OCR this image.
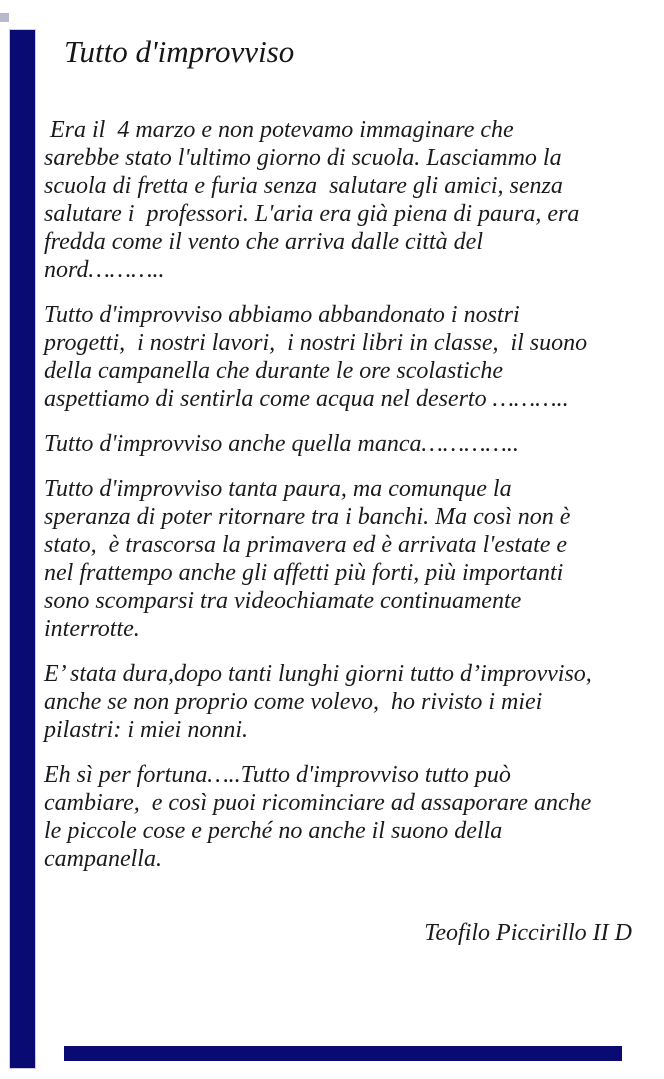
Tutto d'improvviso
Era il  4 marzo e non potevamo immaginare che
sarebbe stato l'ultimo giorno di scuola. Lasciammo la
scuola di fretta e furia senza  salutare gli amici, senza
salutare i  professori. L'aria era già piena di paura, era
fredda come il vento che arriva dalle città del
nord………..
Tutto d'improvviso abbiamo abbandonato i nostri
progetti,  i nostri lavori,  i nostri libri in classe,  il suono
della campanella che durante le ore scolastiche
aspettiamo di sentirla come acqua nel deserto ………..
Tutto d'improvviso anche quella manca…………..
Tutto d'improvviso tanta paura, ma comunque la
speranza di poter ritornare tra i banchi. Ma così non è
stato,  è trascorsa la primavera ed è arrivata l'estate e
nel frattempo anche gli affetti più forti, più importanti
sono scomparsi tra videochiamate continuamente
interrotte.
E’ stata dura,dopo tanti lunghi giorni tutto d’improvviso,
anche se non proprio come volevo,  ho rivisto i miei
pilastri: i miei nonni.
Eh sì per fortuna…..Tutto d'improvviso tutto può
cambiare,  e così puoi ricominciare ad assaporare anche
le piccole cose e perché no anche il suono della
campanella.
Teofilo Piccirillo II D
